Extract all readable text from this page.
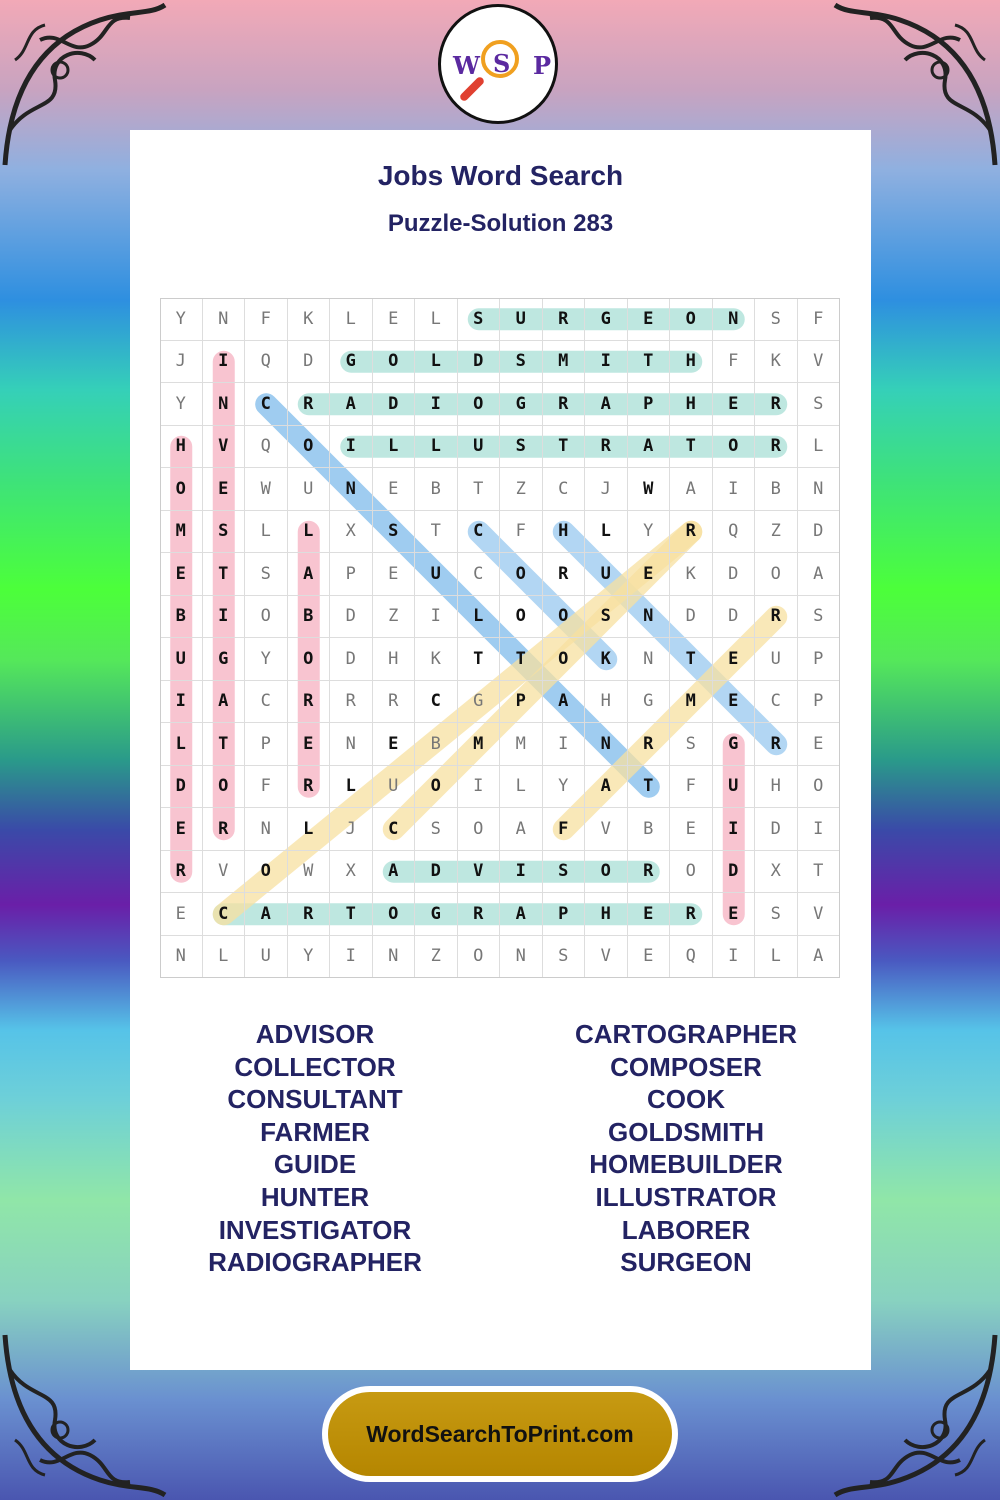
W S P
Jobs Word Search
Puzzle-Solution 283
Y	N	F	K	L	E	L	S	U	R	G	E	O	N	S	F
J	I	Q	D	G	O	L	D	S	M	I	T	H	F	K	V
Y	N	C	R	A	D	I	O	G	R	A	P	H	E	R	S
H	V	Q	O	I	L	L	U	S	T	R	A	T	O	R	L
O	E	W	U	N	E	B	T	Z	C	J	W	A	I	B	N
M	S	L	L	X	S	T	C	F	H	L	Y	R	Q	Z	D
E	T	S	A	P	E	U	C	O	R	U	E	K	D	O	A
B	I	O	B	D	Z	I	L	O	O	S	N	D	D	R	S
U	G	Y	O	D	H	K	T	T	O	K	N	T	E	U	P
I	A	C	R	R	R	C	G	P	A	H	G	M	E	C	P
L	T	P	E	N	E	B	M	M	I	N	R	S	G	R	E
D	O	F	R	L	U	O	I	L	Y	A	T	F	U	H	O
E	R	N	L	J	C	S	O	A	F	V	B	E	I	D	I
R	V	O	W	X	A	D	V	I	S	O	R	O	D	X	T
E	C	A	R	T	O	G	R	A	P	H	E	R	E	S	V
N	L	U	Y	I	N	Z	O	N	S	V	E	Q	I	L	A
ADVISOR
COLLECTOR
CONSULTANT
FARMER
GUIDE
HUNTER
INVESTIGATOR
RADIOGRAPHER
CARTOGRAPHER
COMPOSER
COOK
GOLDSMITH
HOMEBUILDER
ILLUSTRATOR
LABORER
SURGEON
WordSearchToPrint.com
